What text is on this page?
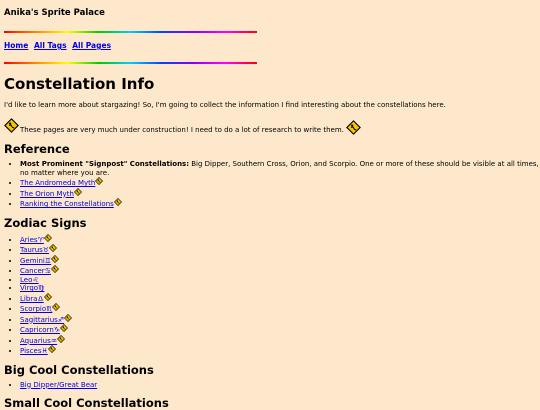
Anika's Sprite Palace
Home All Tags All Pages
Constellation Info

I'd like to learn more about stargazing! So, I'm going to collect the information I find interesting about the constellations here.

These pages are very much under construction! I need to do a lot of research to write them.

Reference
• Most Prominent "Signpost" Constellations: Big Dipper, Southern Cross, Orion, and Scorpio. One or more of these should be visible at all times, no matter where you are.
• The Andromeda Myth
• The Orion Myth
• Ranking the Constellations
Zodiac Signs
• Aries♈
• Taurus♉
• Gemini♊
• Cancer♋
• Leo♌
• Virgo♍
• Libra♎
• Scorpio♏
• Sagittarius♐
• Capricorn♑
• Aquarius♒
• Pisces♓
Big Cool Constellations
• Big Dipper/Great Bear
Small Cool Constellations
